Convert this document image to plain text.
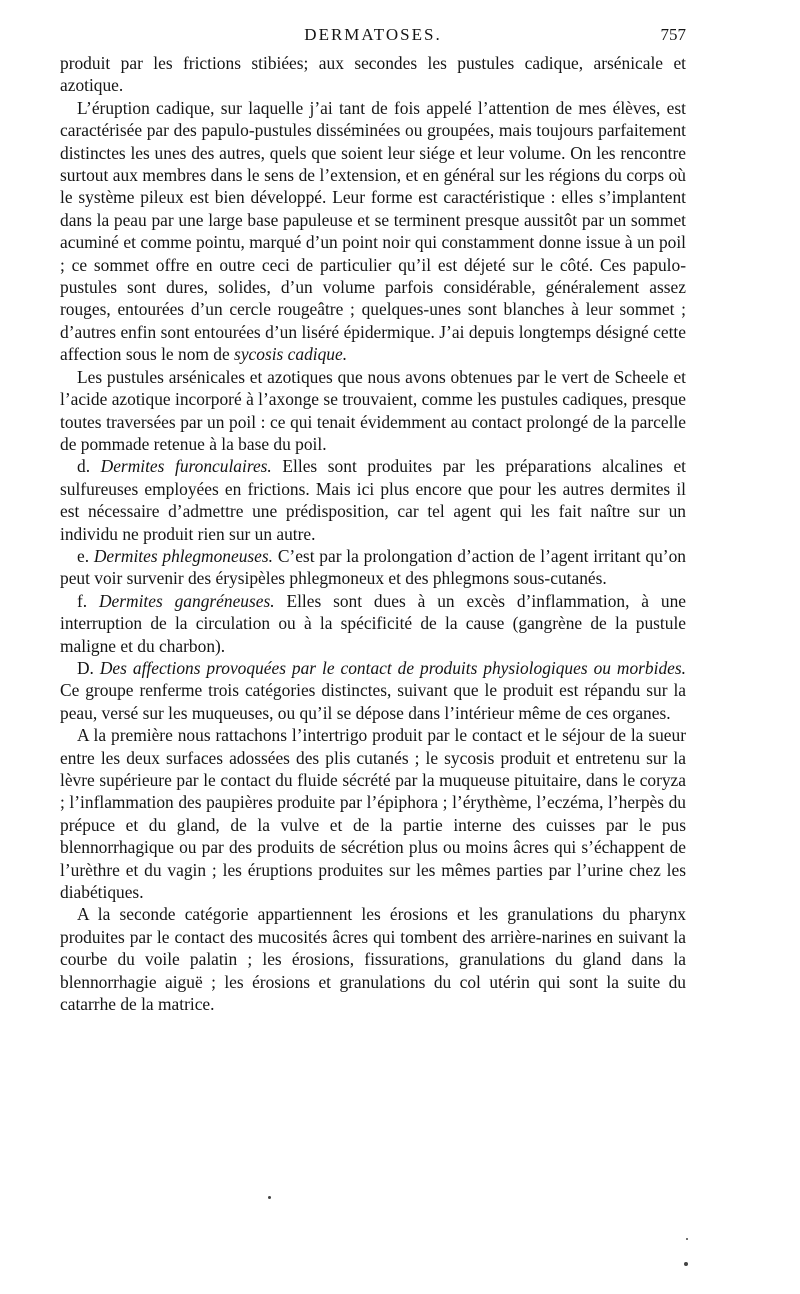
DERMATOSES.	757

produit par les frictions stibiées; aux secondes les pustules cadique, arsénicale et azotique.

L’éruption cadique, sur laquelle j’ai tant de fois appelé l’attention de mes élèves, est caractérisée par des papulo-pustules disséminées ou groupées, mais toujours parfaitement distinctes les unes des autres, quels que soient leur siége et leur volume. On les rencontre surtout aux membres dans le sens de l’extension, et en général sur les régions du corps où le système pileux est bien développé. Leur forme est caractéristique : elles s’implantent dans la peau par une large base papuleuse et se terminent presque aussitôt par un sommet acuminé et comme pointu, marqué d’un point noir qui constamment donne issue à un poil ; ce sommet offre en outre ceci de particulier qu’il est déjeté sur le côté. Ces papulo-pustules sont dures, solides, d’un volume parfois considérable, généralement assez rouges, entourées d’un cercle rougeâtre ; quelques-unes sont blanches à leur sommet ; d’autres enfin sont entourées d’un liséré épidermique. J’ai depuis longtemps désigné cette affection sous le nom de sycosis cadique.

Les pustules arsénicales et azotiques que nous avons obtenues par le vert de Scheele et l’acide azotique incorporé à l’axonge se trouvaient, comme les pustules cadiques, presque toutes traversées par un poil : ce qui tenait évidemment au contact prolongé de la parcelle de pommade retenue à la base du poil.

d. Dermites furonculaires. Elles sont produites par les préparations alcalines et sulfureuses employées en frictions. Mais ici plus encore que pour les autres dermites il est nécessaire d’admettre une prédisposition, car tel agent qui les fait naître sur un individu ne produit rien sur un autre.

e. Dermites phlegmoneuses. C’est par la prolongation d’action de l’agent irritant qu’on peut voir survenir des érysipèles phlegmoneux et des phlegmons sous-cutanés.

f. Dermites gangréneuses. Elles sont dues à un excès d’inflammation, à une interruption de la circulation ou à la spécificité de la cause (gangrène de la pustule maligne et du charbon).

D. Des affections provoquées par le contact de produits physiologiques ou morbides. Ce groupe renferme trois catégories distinctes, suivant que le produit est répandu sur la peau, versé sur les muqueuses, ou qu’il se dépose dans l’intérieur même de ces organes.

A la première nous rattachons l’intertrigo produit par le contact et le séjour de la sueur entre les deux surfaces adossées des plis cutanés ; le sycosis produit et entretenu sur la lèvre supérieure par le contact du fluide sécrété par la muqueuse pituitaire, dans le coryza ; l’inflammation des paupières produite par l’épiphora ; l’érythème, l’eczéma, l’herpès du prépuce et du gland, de la vulve et de la partie interne des cuisses par le pus blennorrhagique ou par des produits de sécrétion plus ou moins âcres qui s’échappent de l’urèthre et du vagin ; les éruptions produites sur les mêmes parties par l’urine chez les diabétiques.

A la seconde catégorie appartiennent les érosions et les granulations du pharynx produites par le contact des mucosités âcres qui tombent des arrière-narines en suivant la courbe du voile palatin ; les érosions, fissurations, granulations du gland dans la blennorrhagie aiguë ; les érosions et granulations du col utérin qui sont la suite du catarrhe de la matrice.
